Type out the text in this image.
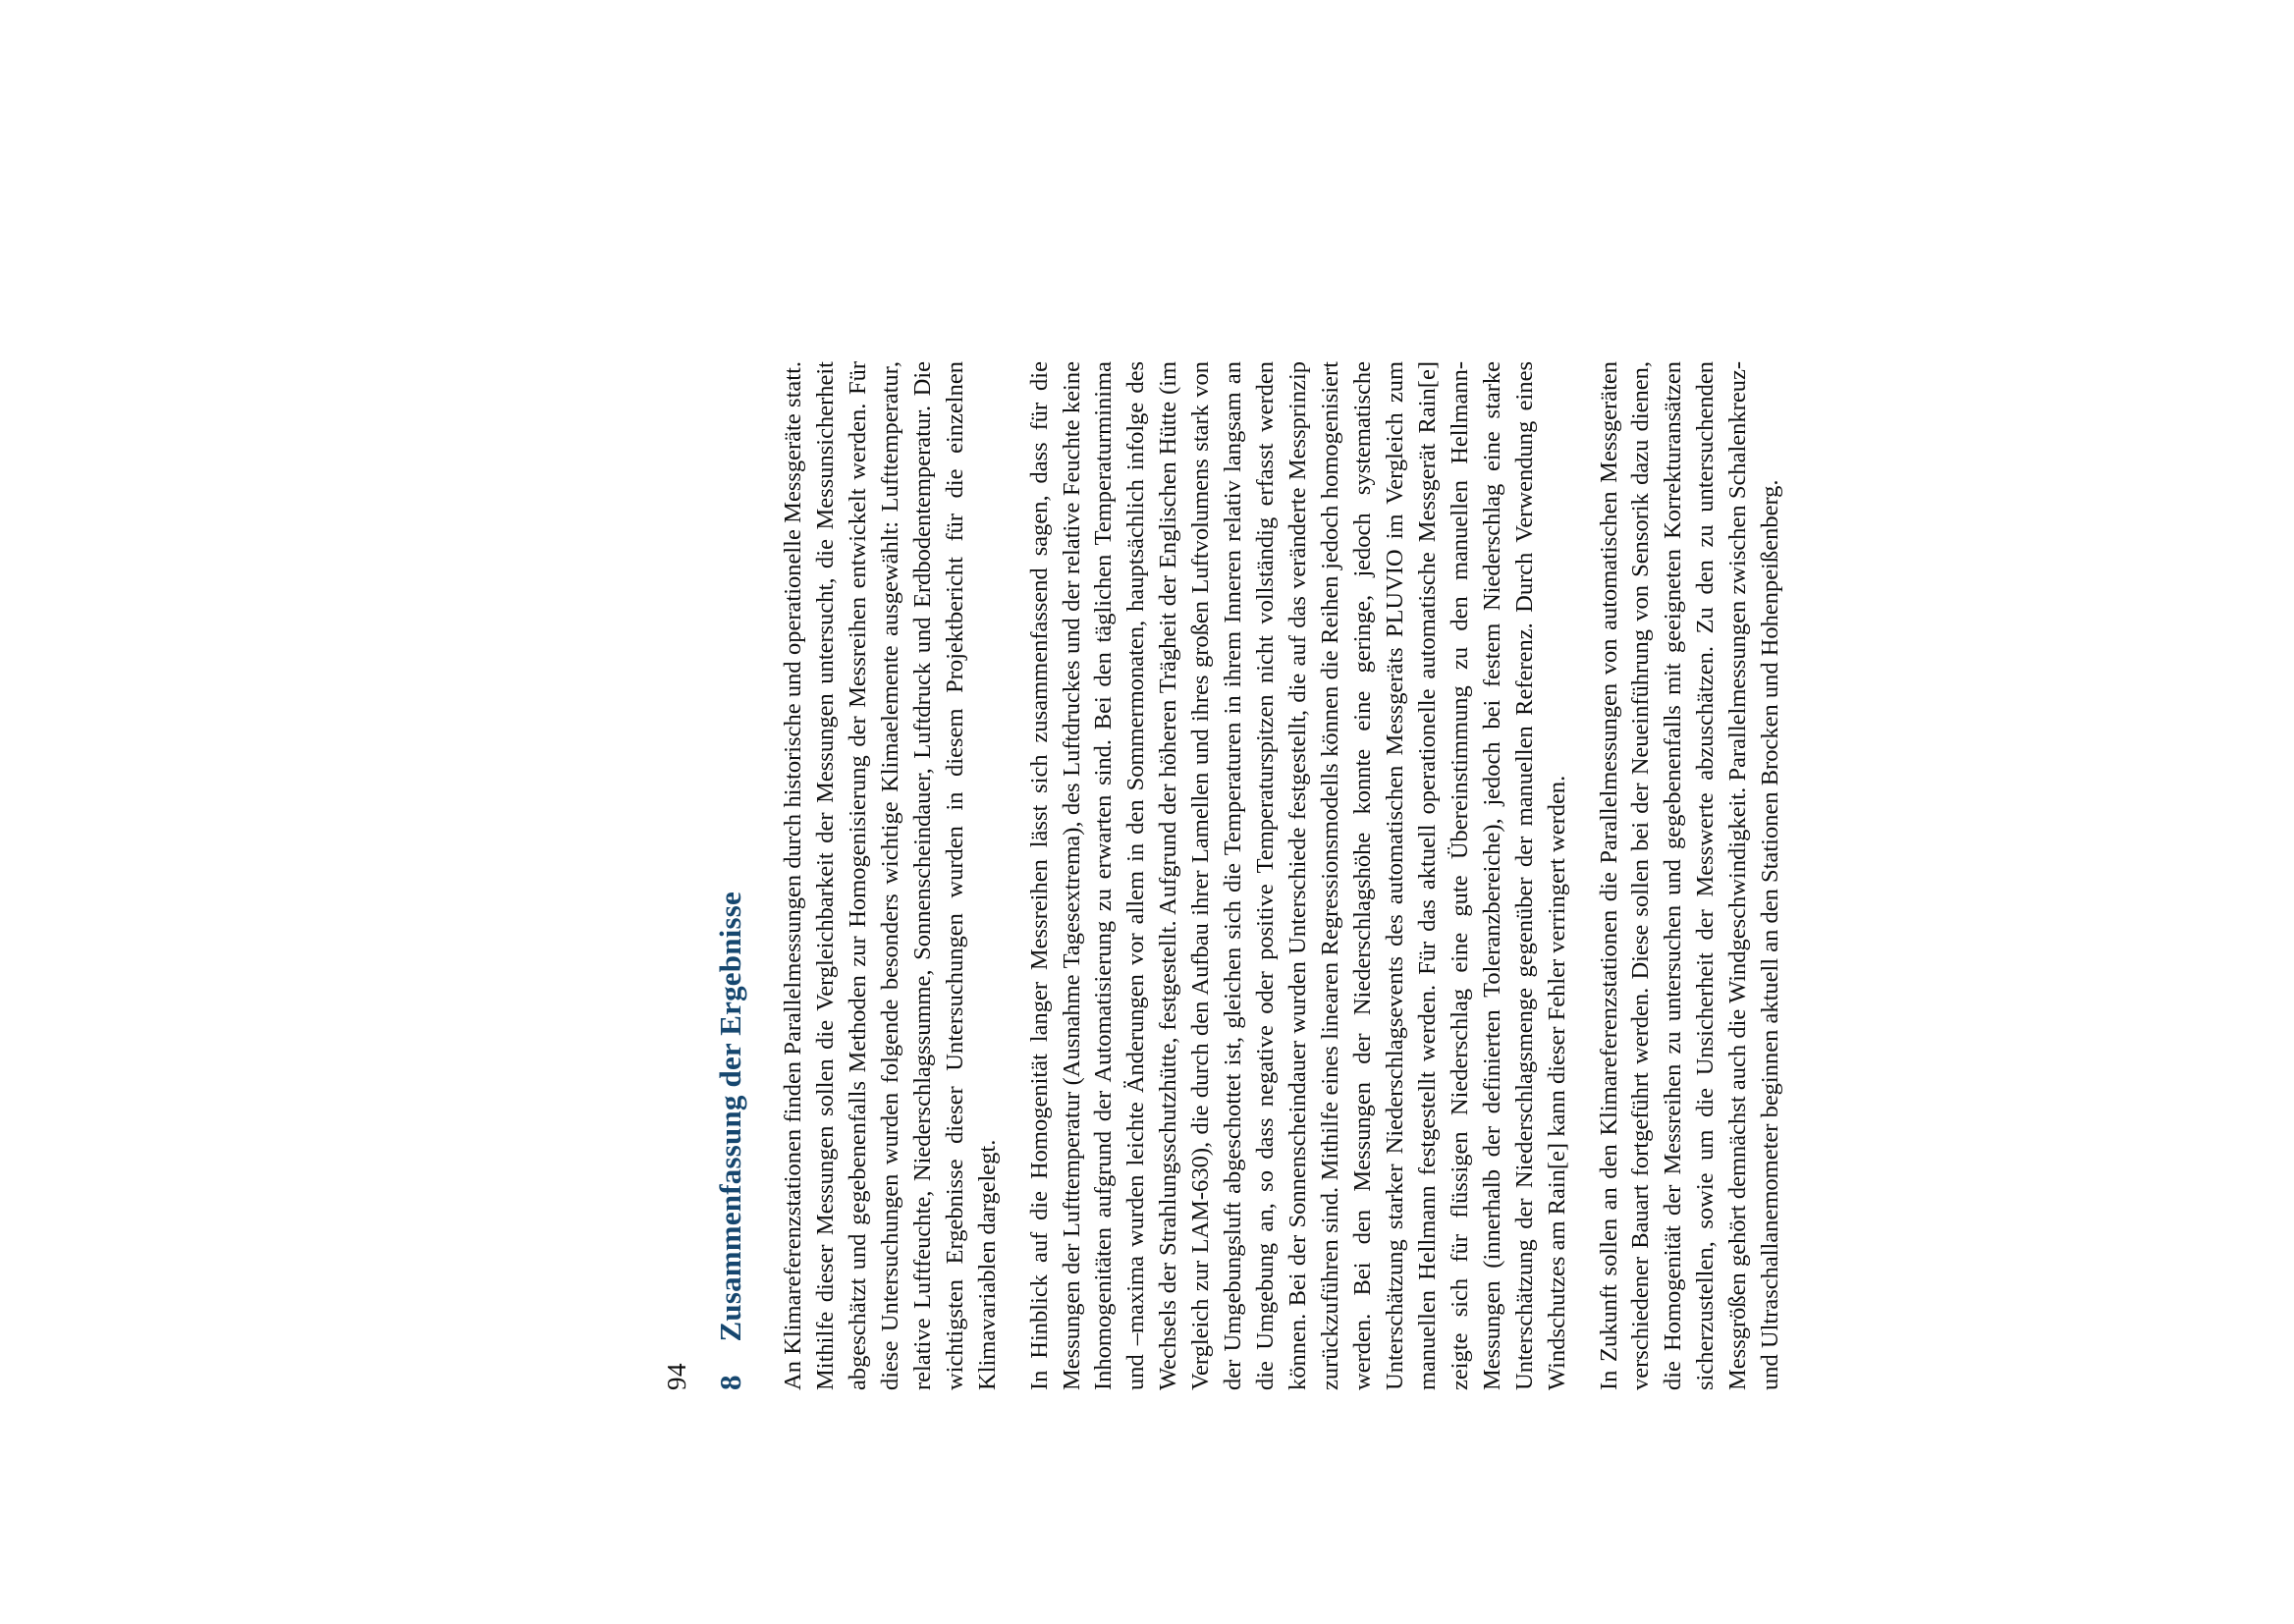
94 8
Zusammenfassung der Ergebnisse An Klimareferenzstationen finden Parallelmessungen durch historische und operationelle Messgeräte statt. Mithilfe dieser Messungen sollen die Vergleichbarkeit der Messungen untersucht, die Messunsicherheit abgeschätzt und gegebenenfalls Methoden zur Homogenisierung der Messreihen entwickelt werden. Für diese Untersuchungen wurden folgende besonders wichtige Klimaelemente ausgewählt: Lufttemperatur, relative Luftfeuchte, Niederschlagssumme, Sonnenscheindauer, Luftdruck und Erdbodentemperatur. Die wichtigsten Ergebnisse dieser Untersuchungen wurden in diesem Projektbericht für die einzelnen Klimavariablen dargelegt. In Hinblick auf die Homogenität langer Messreihen lässt sich zusammenfassend sagen, dass für die Messungen der Lufttemperatur (Ausnahme Tagesextrema), des Luftdruckes und der relative Feuchte keine Inhomogenitäten aufgrund der Automatisierung zu erwarten sind. Bei den täglichen Temperaturminima und –maxima wurden leichte Änderungen vor allem in den Sommermonaten, hauptsächlich infolge des Wechsels der Strahlungsschutzhütte, festgestellt. Aufgrund der höheren Trägheit der Englischen Hütte (im Vergleich zur LAM-630), die durch den Aufbau ihrer Lamellen und ihres großen Luftvolumens stark von der Umgebungsluft abgeschottet ist, gleichen sich die Temperaturen in ihrem Inneren relativ langsam an die Umgebung an, so dass negative oder positive Temperaturspitzen nicht vollständig erfasst werden können. Bei der Sonnenscheindauer wurden Unterschiede festgestellt, die auf das veränderte Messprinzip zurückzuführen sind. Mithilfe eines linearen Regressionsmodells können die Reihen jedoch homogenisiert werden. Bei den Messungen der Niederschlagshöhe konnte eine geringe, jedoch systematische Unterschätzung starker Niederschlagsevents des automatischen Messgeräts PLUVIO im Vergleich zum manuellen Hellmann festgestellt werden. Für das aktuell operationelle automatische Messgerät Rain[e] zeigte sich für flüssigen Niederschlag eine gute Übereinstimmung zu den manuellen Hellmann-Messungen (innerhalb der definierten Toleranzbereiche), jedoch bei festem Niederschlag eine starke Unterschätzung der Niederschlagsmenge gegenüber der manuellen Referenz. Durch Verwendung eines Windschutzes am Rain[e] kann dieser Fehler verringert werden. In Zukunft sollen an den Klimareferenzstationen die Parallelmessungen von automatischen Messgeräten verschiedener Bauart fortgeführt werden. Diese sollen bei der Neueinführung von Sensorik dazu dienen, die Homogenität der Messreihen zu untersuchen und gegebenenfalls mit geeigneten Korrekturansätzen sicherzustellen, sowie um die Unsicherheit der Messwerte abzuschätzen. Zu den zu untersuchenden Messgrößen gehört demnächst auch die Windgeschwindigkeit. Parallelmessungen zwischen Schalenkreuz- und Ultraschallanemometer beginnen aktuell an den Stationen Brocken und Hohenpeißenberg.
